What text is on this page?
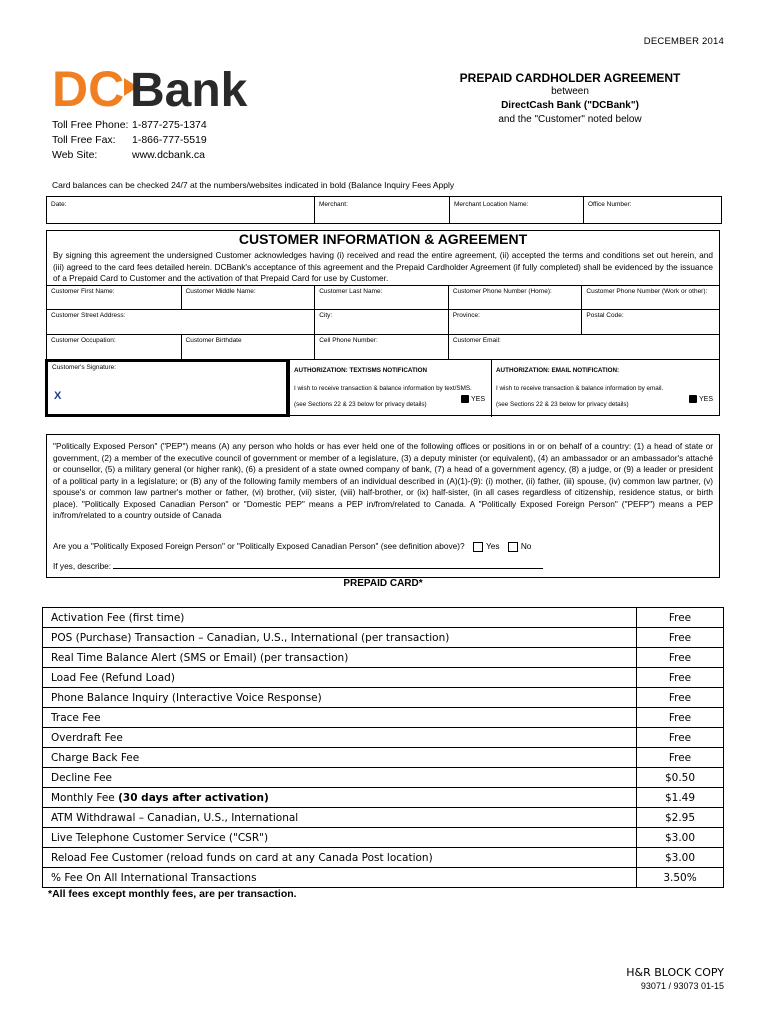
DECEMBER 2014
DC Bank
Toll Free Phone: 1-877-275-1374
Toll Free Fax:	1-866-777-5519
Web Site:	www.dcbank.ca
PREPAID CARDHOLDER AGREEMENT
between
DirectCash Bank ("DCBank")
and the "Customer" noted below
Card balances can be checked 24/7 at the numbers/websites indicated in bold (Balance Inquiry Fees Apply
Date:	Merchant:	Merchant Location Name:	Office Number:
CUSTOMER INFORMATION & AGREEMENT
By signing this agreement the undersigned Customer acknowledges having (i) received and read the entire agreement, (ii) accepted the terms and conditions set out herein, and (iii) agreed to the card fees detailed herein. DCBank's acceptance of this agreement and the Prepaid Cardholder Agreement (if fully completed) shall be evidenced by the issuance of a Prepaid Card to Customer and the activation of that Prepaid Card for use by Customer.
Customer First Name:	Customer Middle Name:	Customer Last Name:	Customer Phone Number (Home):	Customer Phone Number (Work or other):
Customer Street Address:	City:	Province:	Postal Code:
Customer Occupation:	Customer Birthdate	Cell Phone Number:	Customer Email:
Customer's Signature:
X
AUTHORIZATION: TEXT/SMS NOTIFICATION
I wish to receive transaction & balance information by text/SMS.
(see Sections 22 & 23 below for privacy details)
YES
AUTHORIZATION: EMAIL NOTIFICATION:
I wish to receive transaction & balance information by email.
(see Sections 22 & 23 below for privacy details)
YES
"Politically Exposed Person" ("PEP") means (A) any person who holds or has ever held one of the following offices or positions in or on behalf of a country: (1) a head of state or government, (2) a member of the executive council of government or member of a legislature, (3) a deputy minister (or equivalent), (4) an ambassador or an ambassador's attaché or counsellor, (5) a military general (or higher rank), (6) a president of a state owned company of bank, (7) a head of a government agency, (8) a judge, or (9) a leader or president of a political party in a legislature; or (B) any of the following family members of an individual described in (A)(1)-(9): (i) mother, (ii) father, (iii) spouse, (iv) common law partner, (v) spouse's or common law partner's mother or father, (vi) brother, (vii) sister, (viii) half-brother, or (ix) half-sister, (in all cases regardless of citizenship, residence status, or birth place). "Politically Exposed Canadian Person" or "Domestic PEP" means a PEP in/from/related to Canada. A "Politically Exposed Foreign Person" ("PEFP") means a PEP in/from/related to a country outside of Canada
Are you a "Politically Exposed Foreign Person" or "Politically Exposed Canadian Person" (see definition above)?	Yes	No
If yes, describe:
PREPAID CARD*
Activation Fee (first time)	Free
POS (Purchase) Transaction – Canadian, U.S., International (per transaction)	Free
Real Time Balance Alert (SMS or Email) (per transaction)	Free
Load Fee (Refund Load)	Free
Phone Balance Inquiry (Interactive Voice Response)	Free
Trace Fee	Free
Overdraft Fee	Free
Charge Back Fee	Free
Decline Fee	$0.50
Monthly Fee (30 days after activation)	$1.49
ATM Withdrawal – Canadian, U.S., International	$2.95
Live Telephone Customer Service ("CSR")	$3.00
Reload Fee Customer (reload funds on card at any Canada Post location)	$3.00
% Fee On All International Transactions	3.50%
*All fees except monthly fees, are per transaction.
H&R BLOCK COPY
93071 / 93073 01-15
